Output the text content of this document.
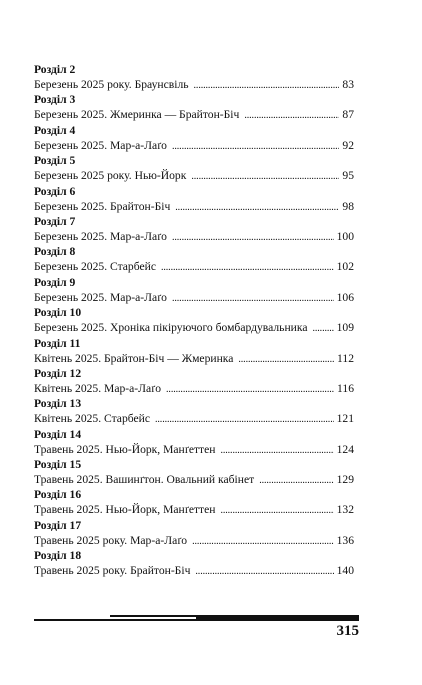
Розділ 2
Березень 2025 року. Браунсвіль . . .	83
Розділ 3
Березень 2025. Жмеринка — Брайтон-Біч . . .	87
Розділ 4
Березень 2025. Мар-а-Лаґо . . .	92
Розділ 5
Березень 2025 року. Нью-Йорк . . .	95
Розділ 6
Березень 2025. Брайтон-Біч . . .	98
Розділ 7
Березень 2025. Мар-а-Лаґо . . .	100
Розділ 8
Березень 2025. Старбейс . . .	102
Розділ 9
Березень 2025. Мар-а-Лаґо . . .	106
Розділ 10
Березень 2025. Хроніка пікіруючого бомбардувальника . . .	109
Розділ 11
Квітень 2025. Брайтон-Біч — Жмеринка . . .	112
Розділ 12
Квітень 2025. Мар-а-Лаґо . . .	116
Розділ 13
Квітень 2025. Старбейс . . .	121
Розділ 14
Травень 2025. Нью-Йорк, Манґеттен . . .	124
Розділ 15
Травень 2025. Вашинґтон. Овальний кабінет . . .	129
Розділ 16
Травень 2025. Нью-Йорк, Манґеттен . . .	132
Розділ 17
Травень 2025 року. Мар-а-Лаґо . . .	136
Розділ 18
Травень 2025 року. Брайтон-Біч . . .	140
315
